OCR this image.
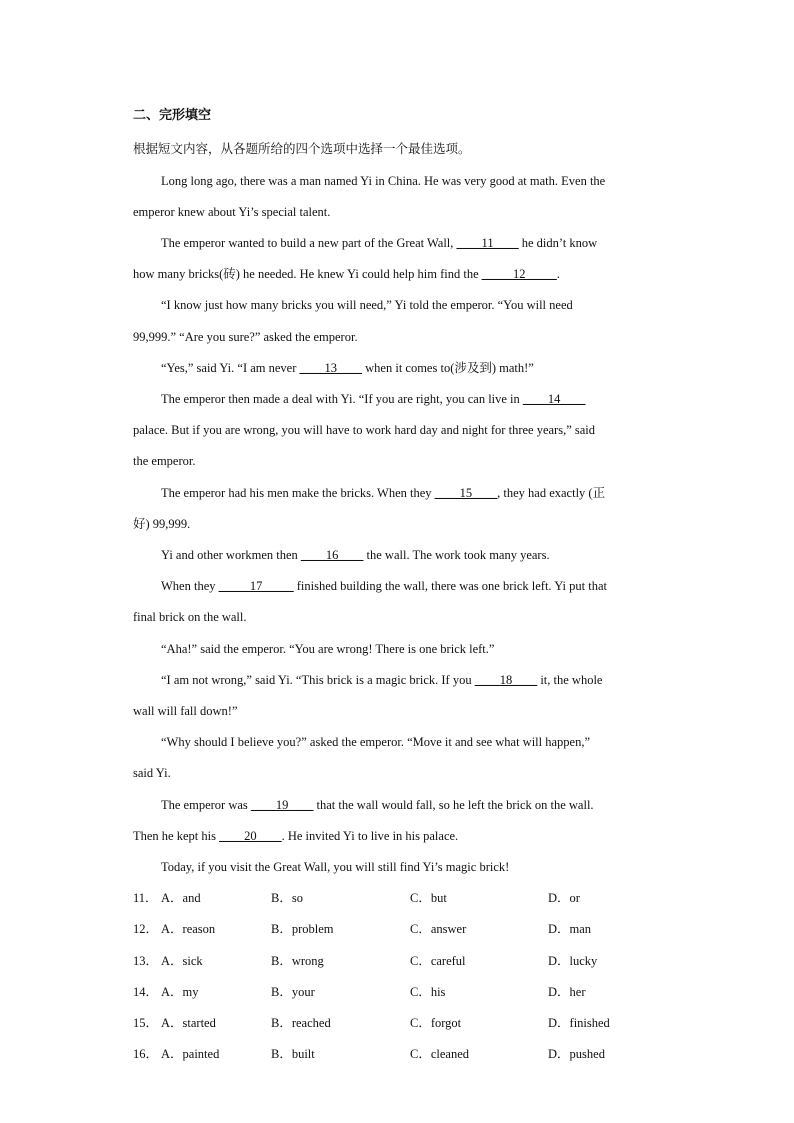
二、完形填空
根据短文内容，从各题所给的四个选项中选择一个最佳选项。
Long long ago, there was a man named Yi in China. He was very good at math. Even the
emperor knew about Yi’s special talent.
The emperor wanted to build a new part of the Great Wall, ____11____ he didn’t know
how many bricks(砖) he needed. He knew Yi could help him find the _____12_____.
“I know just how many bricks you will need,” Yi told the emperor. “You will need
99,999.” “Are you sure?” asked the emperor.
“Yes,” said Yi. “I am never ____13____ when it comes to(涉及到) math!”
The emperor then made a deal with Yi. “If you are right, you can live in ____14____
palace. But if you are wrong, you will have to work hard day and night for three years,” said
the emperor.
The emperor had his men make the bricks. When they ____15____, they had exactly (正
好) 99,999.
Yi and other workmen then ____16____ the wall. The work took many years.
When they _____17_____ finished building the wall, there was one brick left. Yi put that
final brick on the wall.
“Aha!” said the emperor. “You are wrong! There is one brick left.”
“I am not wrong,” said Yi. “This brick is a magic brick. If you ____18____ it, the whole
wall will fall down!”
“Why should I believe you?” asked the emperor. “Move it and see what will happen,”
said Yi.
The emperor was ____19____ that the wall would fall, so he left the brick on the wall.
Then he kept his ____20____. He invited Yi to live in his palace.
Today, if you visit the Great Wall, you will still find Yi’s magic brick!
11． A．and	B．so	C．but	D．or
12． A．reason	B．problem	C．answer	D．man
13． A．sick	B．wrong	C．careful	D．lucky
14． A．my	B．your	C．his	D．her
15． A．started	B．reached	C．forgot	D．finished
16． A．painted	B．built	C．cleaned	D．pushed
